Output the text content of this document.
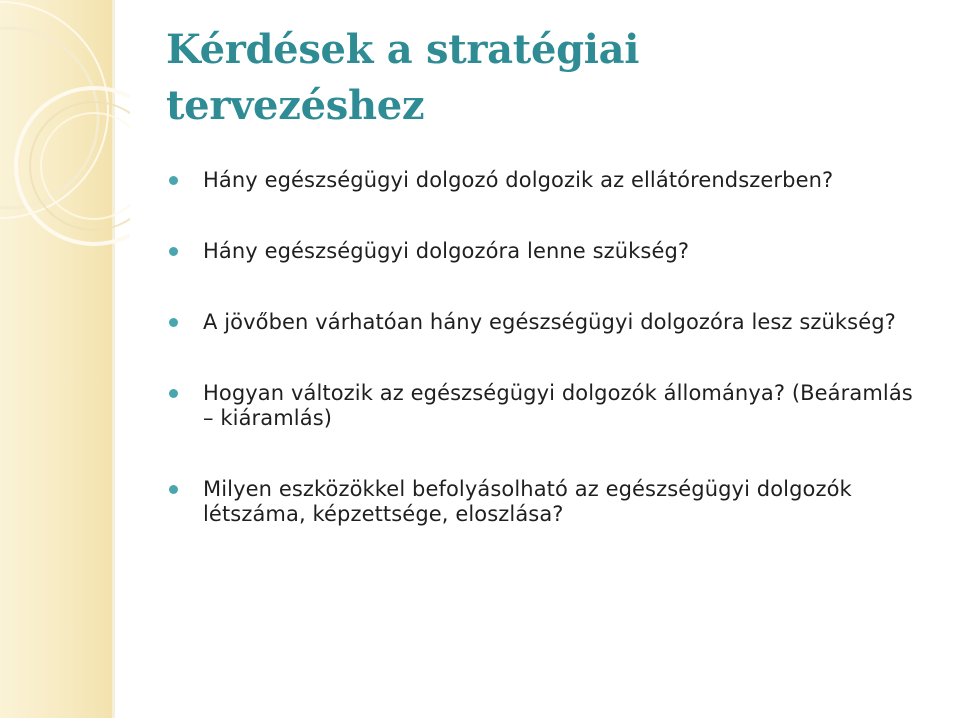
Kérdések a stratégiai
tervezéshez
Hány egészségügyi dolgozó dolgozik az ellátórendszerben?
Hány egészségügyi dolgozóra lenne szükség?
A jövőben várhatóan hány egészségügyi dolgozóra lesz szükség?
Hogyan változik az egészségügyi dolgozók állománya? (Beáramlás – kiáramlás)
Milyen eszközökkel befolyásolható az egészségügyi dolgozók létszáma, képzettsége, eloszlása?
